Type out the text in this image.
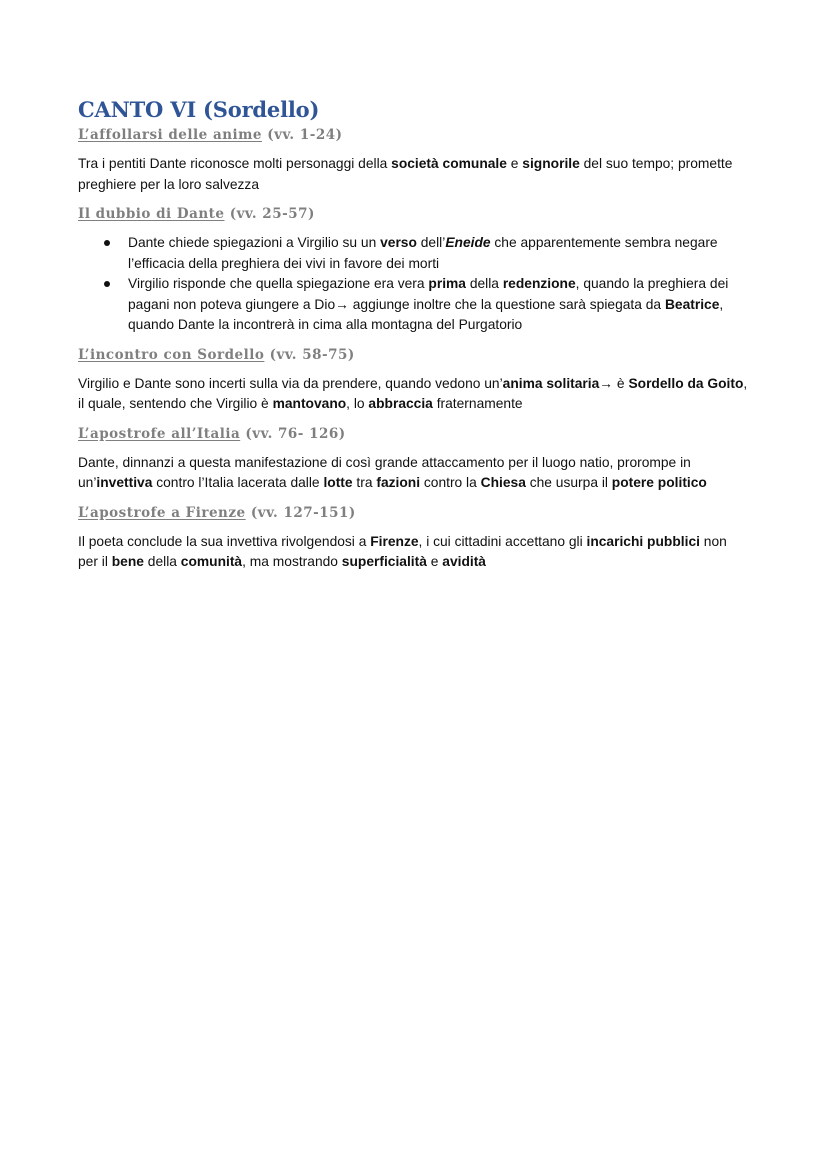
CANTO VI (Sordello)
L’affollarsi delle anime (vv. 1-24)

Tra i pentiti Dante riconosce molti personaggi della società comunale e signorile del suo tempo; promette preghiere per la loro salvezza

Il dubbio di Dante (vv. 25-57)
Dante chiede spiegazioni a Virgilio su un verso dell’Eneide che apparentemente sembra negare l’efficacia della preghiera dei vivi in favore dei morti
Virgilio risponde che quella spiegazione era vera prima della redenzione, quando la preghiera dei pagani non poteva giungere a Dio→ aggiunge inoltre che la questione sarà spiegata da Beatrice, quando Dante la incontrerà in cima alla montagna del Purgatorio
L’incontro con Sordello (vv. 58-75)

Virgilio e Dante sono incerti sulla via da prendere, quando vedono un’anima solitaria→ è Sordello da Goito, il quale, sentendo che Virgilio è mantovano, lo abbraccia fraternamente

L’apostrofe all’Italia (vv. 76- 126)

Dante, dinnanzi a questa manifestazione di così grande attaccamento per il luogo natio, prorompe in un’invettiva contro l’Italia lacerata dalle lotte tra fazioni contro la Chiesa che usurpa il potere politico

L’apostrofe a Firenze (vv. 127-151)

Il poeta conclude la sua invettiva rivolgendosi a Firenze, i cui cittadini accettano gli incarichi pubblici non per il bene della comunità, ma mostrando superficialità e avidità
